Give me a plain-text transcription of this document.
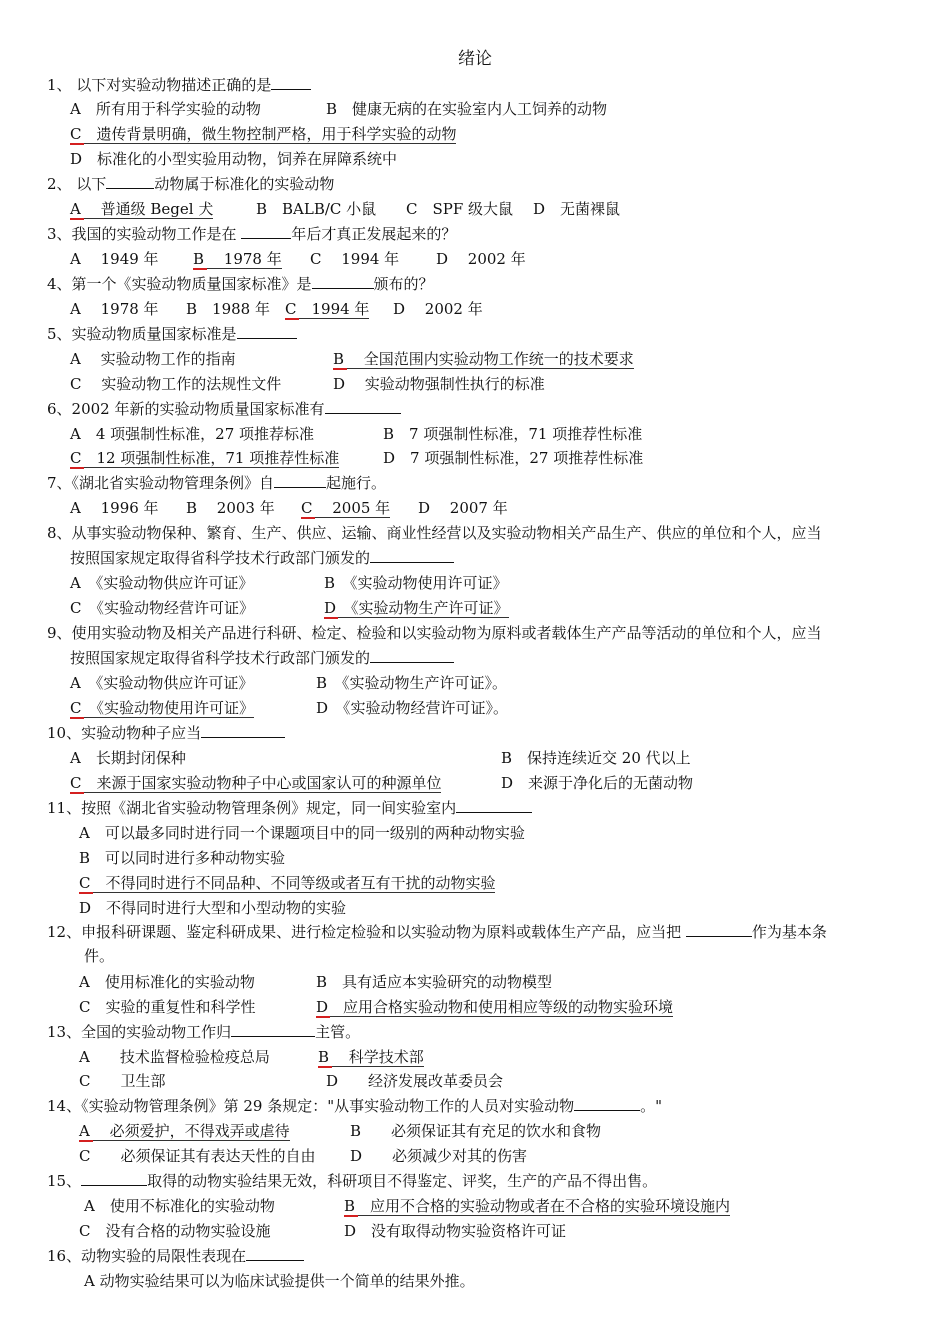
绪论
1、 以下对实验动物描述正确的是
A　所有用于科学实验的动物	B　健康无病的在实验室内人工饲养的动物
C　遗传背景明确，微生物控制严格，用于科学实验的动物
D　标准化的小型实验用动物，饲养在屏障系统中
2、 以下	动物属于标准化的实验动物
A　 普通级 Begel 犬	B　BALB/C 小鼠 C　SPF 级大鼠 D　无菌裸鼠
3、我国的实验动物工作是在	年后才真正发展起来的？
A　 1949 年 B　 1978 年 C　 1994 年 D　 2002 年
4、第一个《实验动物质量国家标准》是	颁布的？
A　 1978 年 B　1988 年 C　1994 年 D　 2002 年
5、实验动物质量国家标准是
A　 实验动物工作的指南	B　 全国范围内实验动物工作统一的技术要求
C　 实验动物工作的法规性文件	D　 实验动物强制性执行的标准
6、2002 年新的实验动物质量国家标准有
A　4 项强制性标准，27 项推荐标准	B　7 项强制性标准，71 项推荐性标准
C　12 项强制性标准，71 项推荐性标准	D　7 项强制性标准，27 项推荐性标准
7、《湖北省实验动物管理条例》自	起施行。
A　 1996 年 B　 2003 年 C　 2005 年 D　 2007 年
8、从事实验动物保种、繁育、生产、供应、运输、商业性经营以及实验动物相关产品生产、供应的单位和个人，应当
按照国家规定取得省科学技术行政部门颁发的
A　《实验动物供应许可证》	B　《实验动物使用许可证》
C　《实验动物经营许可证》	D　《实验动物生产许可证》
9、使用实验动物及相关产品进行科研、检定、检验和以实验动物为原料或者载体生产产品等活动的单位和个人，应当
按照国家规定取得省科学技术行政部门颁发的
A　《实验动物供应许可证》	B　《实验动物生产许可证》。
C　《实验动物使用许可证》	D　《实验动物经营许可证》。
10、实验动物种子应当
A　长期封闭保种	B　保持连续近交 20 代以上
C　来源于国家实验动物种子中心或国家认可的种源单位	D　来源于净化后的无菌动物
11、按照《湖北省实验动物管理条例》规定，同一间实验室内
A　可以最多同时进行同一个课题项目中的同一级别的两种动物实验
B　可以同时进行多种动物实验
C　不得同时进行不同品种、不同等级或者互有干扰的动物实验
D　不得同时进行大型和小型动物的实验
12、申报科研课题、鉴定科研成果、进行检定检验和以实验动物为原料或载体生产产品，应当把	作为基本条
件。
A　使用标准化的实验动物	B　具有适应本实验研究的动物模型
C　实验的重复性和科学性	D　应用合格实验动物和使用相应等级的动物实验环境
13、全国的实验动物工作归	主管。
A　　技术监督检验检疫总局	B　 科学技术部
C　　卫生部	D　　经济发展改革委员会
14、《实验动物管理条例》第 29 条规定："从事实验动物工作的人员对实验动物	。"
A　 必须爱护，不得戏弄或虐待	B　　必须保证其有充足的饮水和食物
C　　必须保证其有表达天性的自由 D　　必须减少对其的伤害
15、	取得的动物实验结果无效，科研项目不得鉴定、评奖，生产的产品不得出售。
A　使用不标准化的实验动物	B　应用不合格的实验动物或者在不合格的实验环境设施内
C　没有合格的动物实验设施	D　没有取得动物实验资格许可证
16、动物实验的局限性表现在
A 动物实验结果可以为临床试验提供一个简单的结果外推。
